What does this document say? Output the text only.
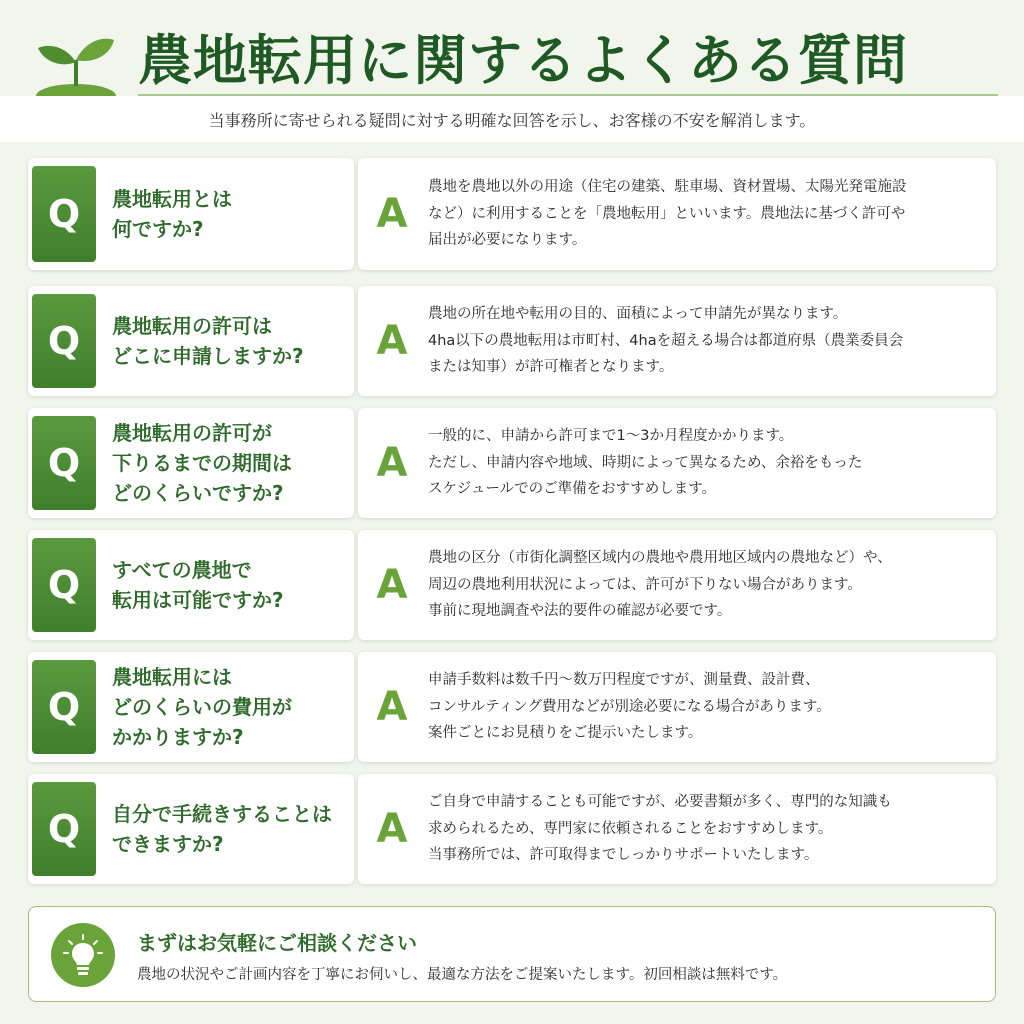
農地転用に関するよくある質問
当事務所に寄せられる疑問に対する明確な回答を示し、お客様の不安を解消します。
Q	農地転用とは
何ですか?	A
農地を農地以外の用途（住宅の建築、駐車場、資材置場、太陽光発電施設
など）に利用することを「農地転用」といいます。農地法に基づく許可や
届出が必要になります。
Q	農地転用の許可は
どこに申請しますか?	A
農地の所在地や転用の目的、面積によって申請先が異なります。
4ha以下の農地転用は市町村、4haを超える場合は都道府県（農業委員会
または知事）が許可権者となります。
Q
農地転用の許可が
下りるまでの期間は
どのくらいですか?
A
一般的に、申請から許可まで1～3か月程度かかります。
ただし、申請内容や地域、時期によって異なるため、余裕をもった
スケジュールでのご準備をおすすめします。
Q	すべての農地で
転用は可能ですか?	A
農地の区分（市街化調整区域内の農地や農用地区域内の農地など）や、
周辺の農地利用状況によっては、許可が下りない場合があります。
事前に現地調査や法的要件の確認が必要です。
Q
農地転用には
どのくらいの費用が
かかりますか?
A
申請手数料は数千円～数万円程度ですが、測量費、設計費、
コンサルティング費用などが別途必要になる場合があります。
案件ごとにお見積りをご提示いたします。
Q	自分で手続きすることは
できますか?	A
ご自身で申請することも可能ですが、必要書類が多く、専門的な知識も
求められるため、専門家に依頼されることをおすすめします。
当事務所では、許可取得までしっかりサポートいたします。
まずはお気軽にご相談ください
農地の状況やご計画内容を丁寧にお伺いし、最適な方法をご提案いたします。初回相談は無料です。
